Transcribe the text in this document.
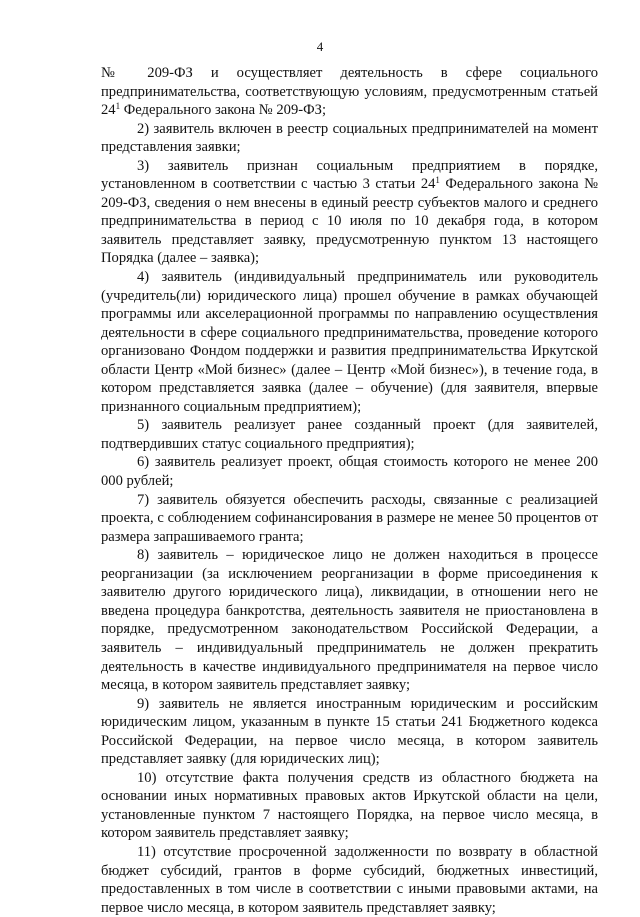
4

№ 209-ФЗ и осуществляет деятельность в сфере социального предпринимательства, соответствующую условиям, предусмотренным статьей $24^1$ Федерального закона № 209-ФЗ;

2) заявитель включен в реестр социальных предпринимателей на момент представления заявки;

3) заявитель признан социальным предприятием в порядке, установленном в соответствии с частью 3 статьи $24^1$ Федерального закона № 209-ФЗ, сведения о нем внесены в единый реестр субъектов малого и среднего предпринимательства в период с 10 июля по 10 декабря года, в котором заявитель представляет заявку, предусмотренную пунктом 13 настоящего Порядка (далее – заявка);

4) заявитель (индивидуальный предприниматель или руководитель (учредитель(ли) юридического лица) прошел обучение в рамках обучающей программы или акселерационной программы по направлению осуществления деятельности в сфере социального предпринимательства, проведение которого организовано Фондом поддержки и развития предпринимательства Иркутской области Центр «Мой бизнес» (далее – Центр «Мой бизнес»), в течение года, в котором представляется заявка (далее – обучение) (для заявителя, впервые признанного социальным предприятием);

5) заявитель реализует ранее созданный проект (для заявителей, подтвердивших статус социального предприятия);

6) заявитель реализует проект, общая стоимость которого не менее 200 000 рублей;

7) заявитель обязуется обеспечить расходы, связанные с реализацией проекта, с соблюдением софинансирования в размере не менее 50 процентов от размера запрашиваемого гранта;

8) заявитель – юридическое лицо не должен находиться в процессе реорганизации (за исключением реорганизации в форме присоединения к заявителю другого юридического лица), ликвидации, в отношении него не введена процедура банкротства, деятельность заявителя не приостановлена в порядке, предусмотренном законодательством Российской Федерации, а заявитель – индивидуальный предприниматель не должен прекратить деятельность в качестве индивидуального предпринимателя на первое число месяца, в котором заявитель представляет заявку;

9) заявитель не является иностранным юридическим и российским юридическим лицом, указанным в пункте 15 статьи 241 Бюджетного кодекса Российской Федерации, на первое число месяца, в котором заявитель представляет заявку (для юридических лиц);

10) отсутствие факта получения средств из областного бюджета на основании иных нормативных правовых актов Иркутской области на цели, установленные пунктом 7 настоящего Порядка, на первое число месяца, в котором заявитель представляет заявку;

11) отсутствие просроченной задолженности по возврату в областной бюджет субсидий, грантов в форме субсидий, бюджетных инвестиций, предоставленных в том числе в соответствии с иными правовыми актами, на первое число месяца, в котором заявитель представляет заявку;
